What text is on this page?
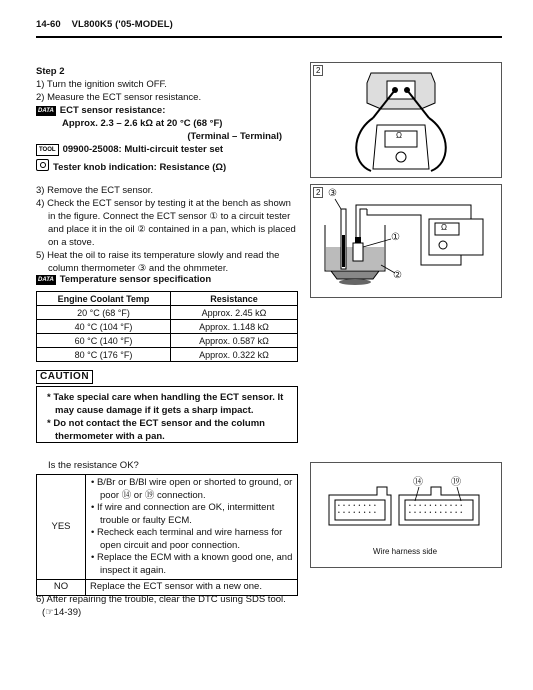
14-60 VL800K5 ('05-MODEL)
Step 2
1) Turn the ignition switch OFF.
2) Measure the ECT sensor resistance.
DATA ECT sensor resistance:
Approx. 2.3 – 2.6 kΩ at 20 °C (68 °F)
(Terminal – Terminal)
TOOL 09900-25008: Multi-circuit tester set
Tester knob indication: Resistance (Ω)
3) Remove the ECT sensor.
4) Check the ECT sensor by testing it at the bench as shown in the figure. Connect the ECT sensor ① to a circuit tester and place it in the oil ② contained in a pan, which is placed on a stove.
5) Heat the oil to raise its temperature slowly and read the column thermometer ③ and the ohmmeter.
DATA Temperature sensor specification
Engine Coolant Temp	Resistance
20 °C (68 °F)	Approx. 2.45 kΩ
40 °C (104 °F)	Approx. 1.148 kΩ
60 °C (140 °F)	Approx. 0.587 kΩ
80 °C (176 °F)	Approx. 0.322 kΩ
CAUTION
* Take special care when handling the ECT sensor. It may cause damage if it gets a sharp impact.
* Do not contact the ECT sensor and the column thermometer with a pan.
Is the resistance OK?
YES	• B/Br or B/Bl wire open or shorted to ground, or poor ⑭ or ⑲ connection.
• If wire and connection are OK, intermittent trouble or faulty ECM.
• Recheck each terminal and wire harness for open circuit and poor connection.
• Replace the ECM with a known good one, and inspect it again.

NO	Replace the ECT sensor with a new one.
6) After repairing the trouble, clear the DTC using SDS tool.
(☞14-39)
2
Ω
2
Ω
③
①
②
• • • • • • • •
• • • • • • • •
• • • • • • • • • • •
• • • • • • • • • • •
⑭	⑲
Wire harness side
